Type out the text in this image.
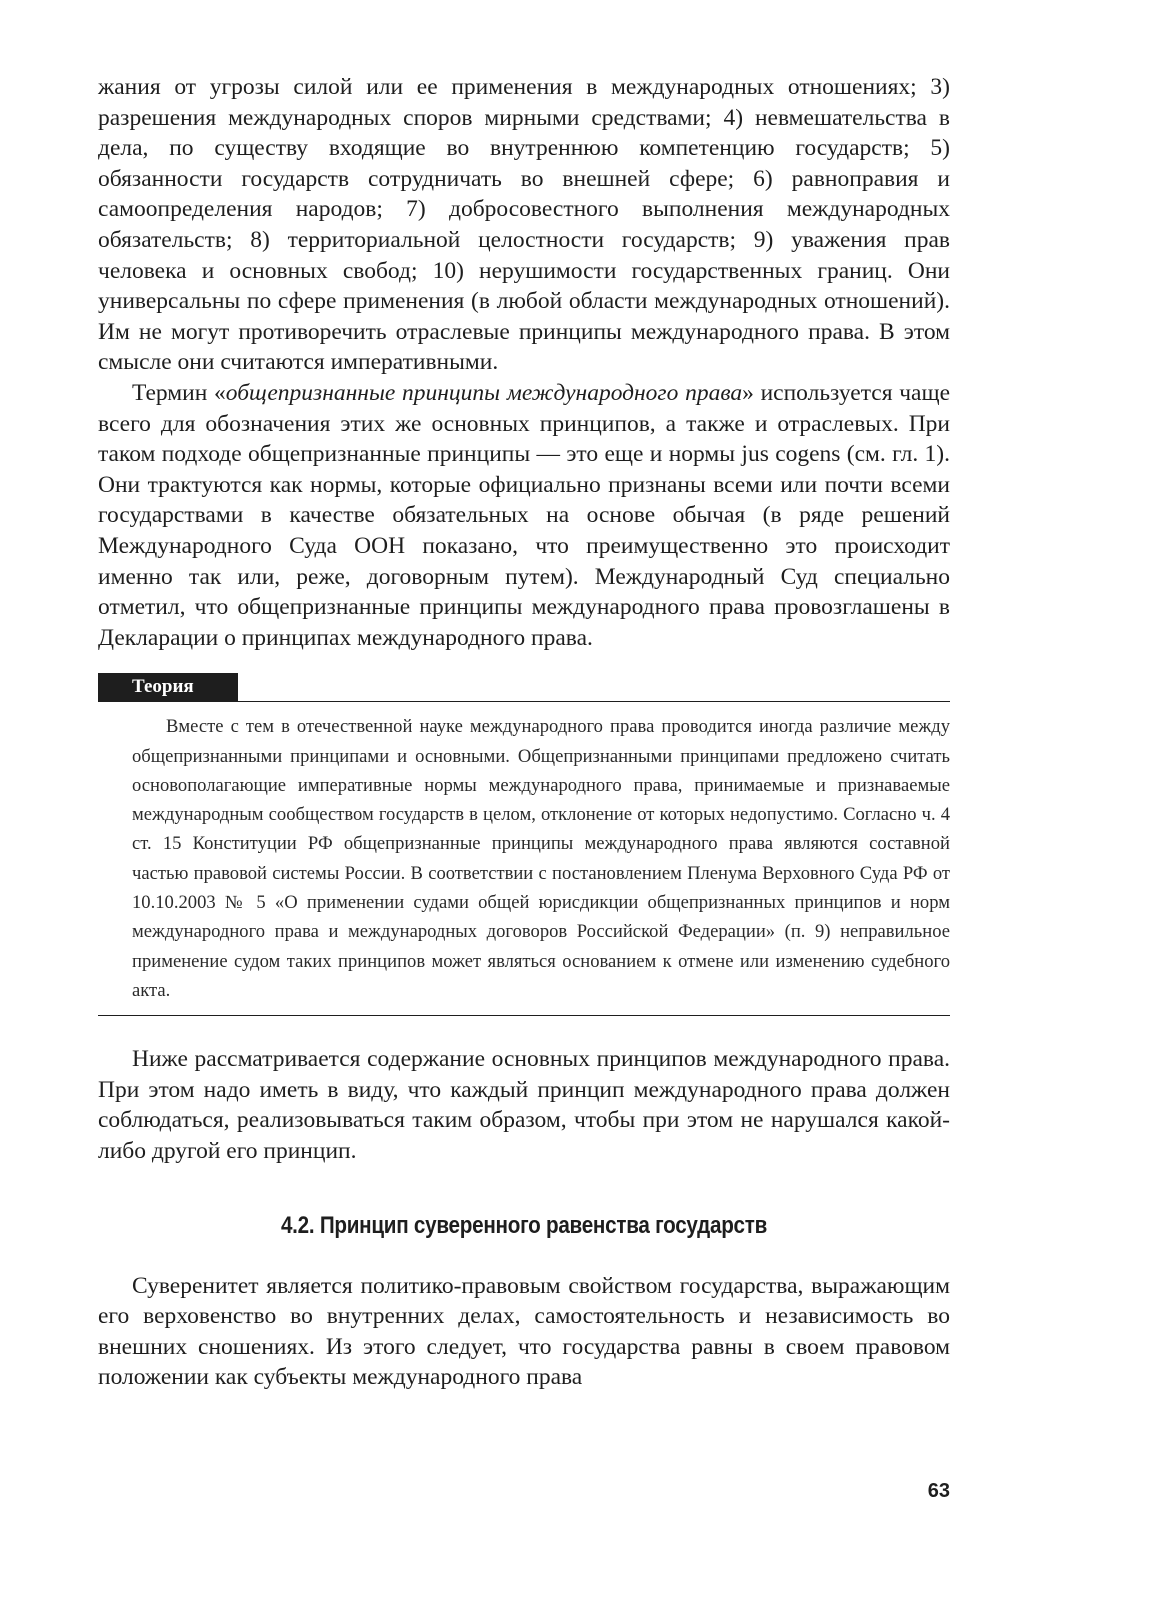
жания от угрозы силой или ее применения в международных отношениях; 3) разрешения международных споров мирными средствами; 4) невмешательства в дела, по существу входящие во внутреннюю компетенцию государств; 5) обязанности государств сотрудничать во внешней сфере; 6) равноправия и самоопределения народов; 7) добросовестного выполнения международных обязательств; 8) территориальной целостности государств; 9) уважения прав человека и основных свобод; 10) нерушимости государственных границ. Они универсальны по сфере применения (в любой области международных отношений). Им не могут противоречить отраслевые принципы международного права. В этом смысле они считаются императивными.

Термин «общепризнанные принципы международного права» используется чаще всего для обозначения этих же основных принципов, а также и отраслевых. При таком подходе общепризнанные принципы — это еще и нормы jus cogens (см. гл. 1). Они трактуются как нормы, которые официально признаны всеми или почти всеми государствами в качестве обязательных на основе обычая (в ряде решений Международного Суда ООН показано, что преимущественно это происходит именно так или, реже, договорным путем). Международный Суд специально отметил, что общепризнанные принципы международного права провозглашены в Декларации о принципах международного права.

Теория

Вместе с тем в отечественной науке международного права проводится иногда различие между общепризнанными принципами и основными. Общепризнанными принципами предложено считать основополагающие императивные нормы международного права, принимаемые и признаваемые международным сообществом государств в целом, отклонение от которых недопустимо. Согласно ч. 4 ст. 15 Конституции РФ общепризнанные принципы международного права являются составной частью правовой системы России. В соответствии с постановлением Пленума Верховного Суда РФ от 10.10.2003 № 5 «О применении судами общей юрисдикции общепризнанных принципов и норм международного права и международных договоров Российской Федерации» (п. 9) неправильное применение судом таких принципов может являться основанием к отмене или изменению судебного акта.

Ниже рассматривается содержание основных принципов международного права. При этом надо иметь в виду, что каждый принцип международного права должен соблюдаться, реализовываться таким образом, чтобы при этом не нарушался какой-либо другой его принцип.

4.2. Принцип суверенного равенства государств

Суверенитет является политико-правовым свойством государства, выражающим его верховенство во внутренних делах, самостоятельность и независимость во внешних сношениях. Из этого следует, что государства равны в своем правовом положении как субъекты международного права

63
